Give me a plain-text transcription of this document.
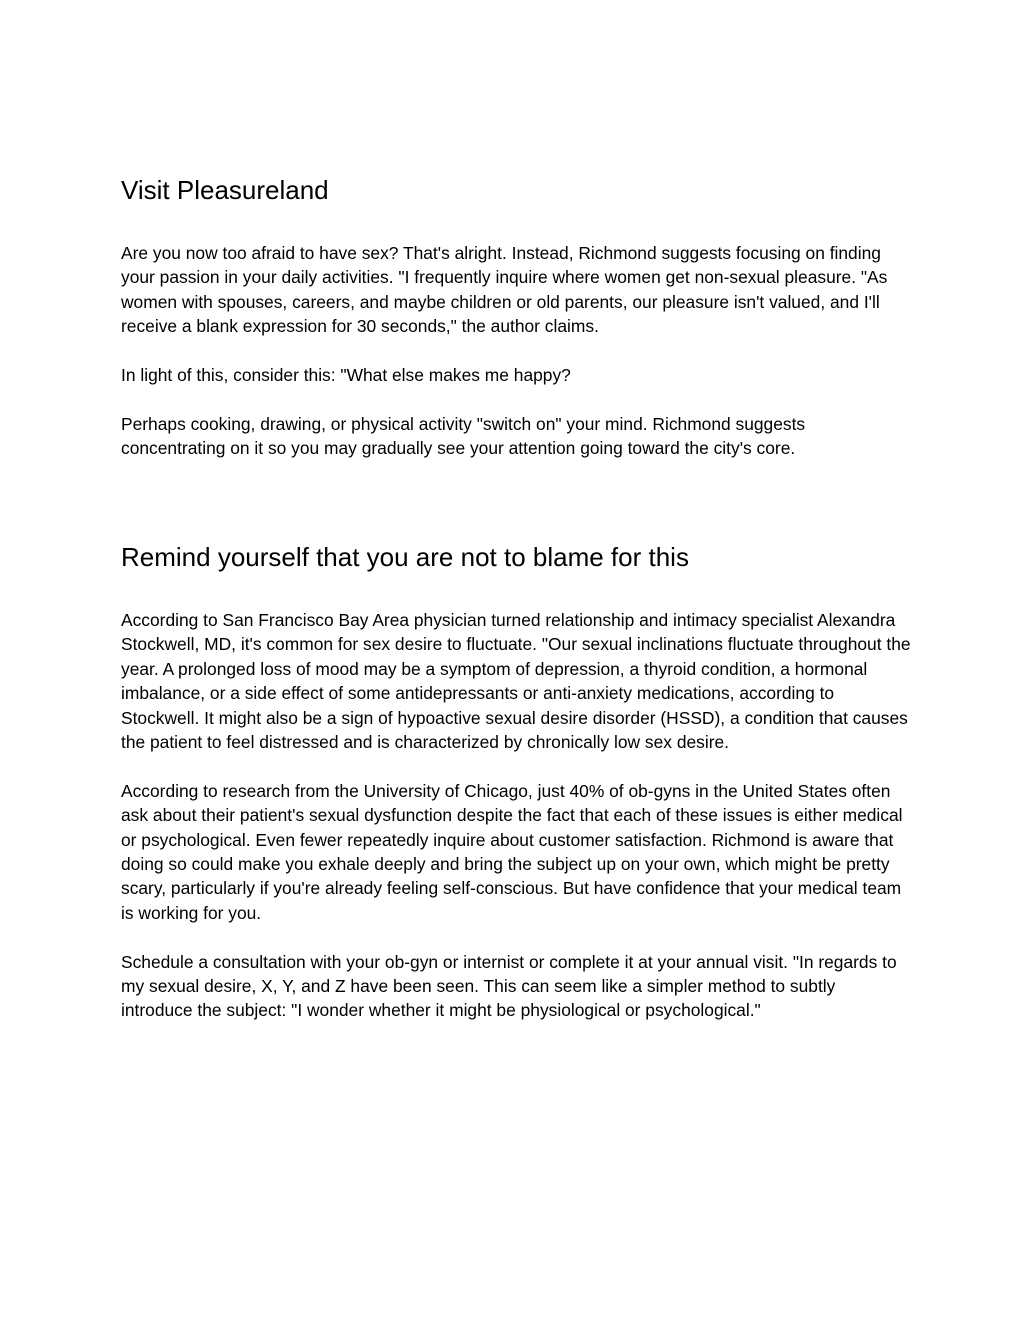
Visit Pleasureland

Are you now too afraid to have sex? That's alright. Instead, Richmond suggests focusing on finding your passion in your daily activities. "I frequently inquire where women get non-sexual pleasure. "As women with spouses, careers, and maybe children or old parents, our pleasure isn't valued, and I'll receive a blank expression for 30 seconds," the author claims.

In light of this, consider this: "What else makes me happy?

Perhaps cooking, drawing, or physical activity "switch on" your mind. Richmond suggests concentrating on it so you may gradually see your attention going toward the city's core.

Remind yourself that you are not to blame for this

According to San Francisco Bay Area physician turned relationship and intimacy specialist Alexandra Stockwell, MD, it's common for sex desire to fluctuate. "Our sexual inclinations fluctuate throughout the year. A prolonged loss of mood may be a symptom of depression, a thyroid condition, a hormonal imbalance, or a side effect of some antidepressants or anti-anxiety medications, according to Stockwell. It might also be a sign of hypoactive sexual desire disorder (HSSD), a condition that causes the patient to feel distressed and is characterized by chronically low sex desire.

According to research from the University of Chicago, just 40% of ob-gyns in the United States often ask about their patient's sexual dysfunction despite the fact that each of these issues is either medical or psychological. Even fewer repeatedly inquire about customer satisfaction. Richmond is aware that doing so could make you exhale deeply and bring the subject up on your own, which might be pretty scary, particularly if you're already feeling self-conscious. But have confidence that your medical team is working for you.

Schedule a consultation with your ob-gyn or internist or complete it at your annual visit. "In regards to my sexual desire, X, Y, and Z have been seen. This can seem like a simpler method to subtly introduce the subject: "I wonder whether it might be physiological or psychological."
